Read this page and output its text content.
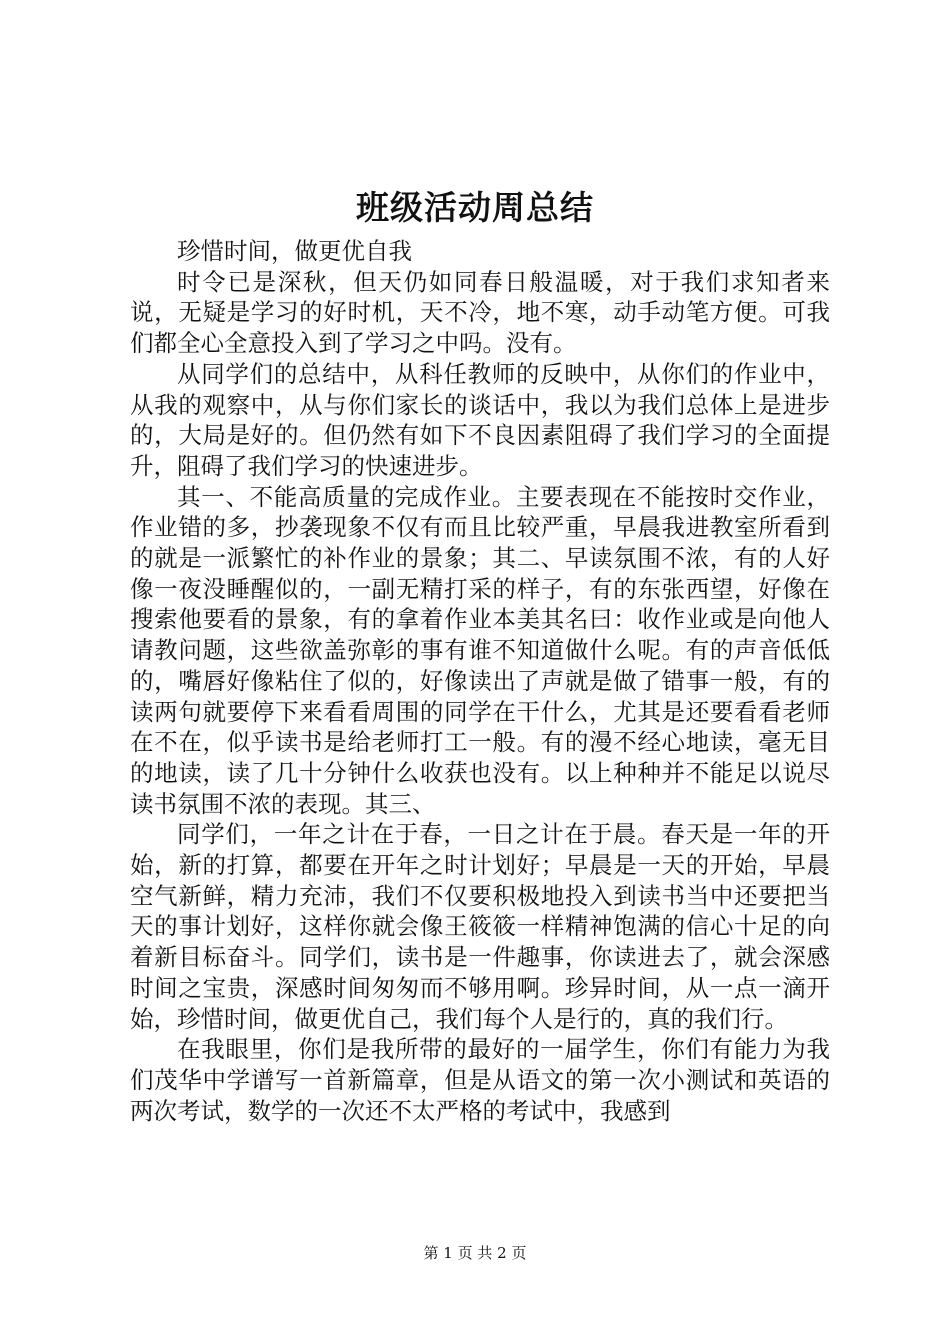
班级活动周总结

珍惜时间，做更优自我

时令已是深秋，但天仍如同春日般温暖，对于我们求知者来说，无疑是学习的好时机，天不冷，地不寒，动手动笔方便。可我们都全心全意投入到了学习之中吗。没有。

从同学们的总结中，从科任教师的反映中，从你们的作业中，从我的观察中，从与你们家长的谈话中，我以为我们总体上是进步的，大局是好的。但仍然有如下不良因素阻碍了我们学习的全面提升，阻碍了我们学习的快速进步。

其一、不能高质量的完成作业。主要表现在不能按时交作业，作业错的多，抄袭现象不仅有而且比较严重，早晨我进教室所看到的就是一派繁忙的补作业的景象；其二、早读氛围不浓，有的人好像一夜没睡醒似的，一副无精打采的样子，有的东张西望，好像在搜索他要看的景象，有的拿着作业本美其名曰：收作业或是向他人请教问题，这些欲盖弥彰的事有谁不知道做什么呢。有的声音低低的，嘴唇好像粘住了似的，好像读出了声就是做了错事一般，有的读两句就要停下来看看周围的同学在干什么，尤其是还要看看老师在不在，似乎读书是给老师打工一般。有的漫不经心地读，毫无目的地读，读了几十分钟什么收获也没有。以上种种并不能足以说尽读书氛围不浓的表现。其三、

同学们，一年之计在于春，一日之计在于晨。春天是一年的开始，新的打算，都要在开年之时计划好；早晨是一天的开始，早晨空气新鲜，精力充沛，我们不仅要积极地投入到读书当中还要把当天的事计划好，这样你就会像王筱筱一样精神饱满的信心十足的向着新目标奋斗。同学们，读书是一件趣事，你读进去了，就会深感时间之宝贵，深感时间匆匆而不够用啊。珍异时间，从一点一滴开始，珍惜时间，做更优自己，我们每个人是行的，真的我们行。

在我眼里，你们是我所带的最好的一届学生，你们有能力为我们茂华中学谱写一首新篇章，但是从语文的第一次小测试和英语的两次考试，数学的一次还不太严格的考试中，我感到

第 1 页 共 2 页
